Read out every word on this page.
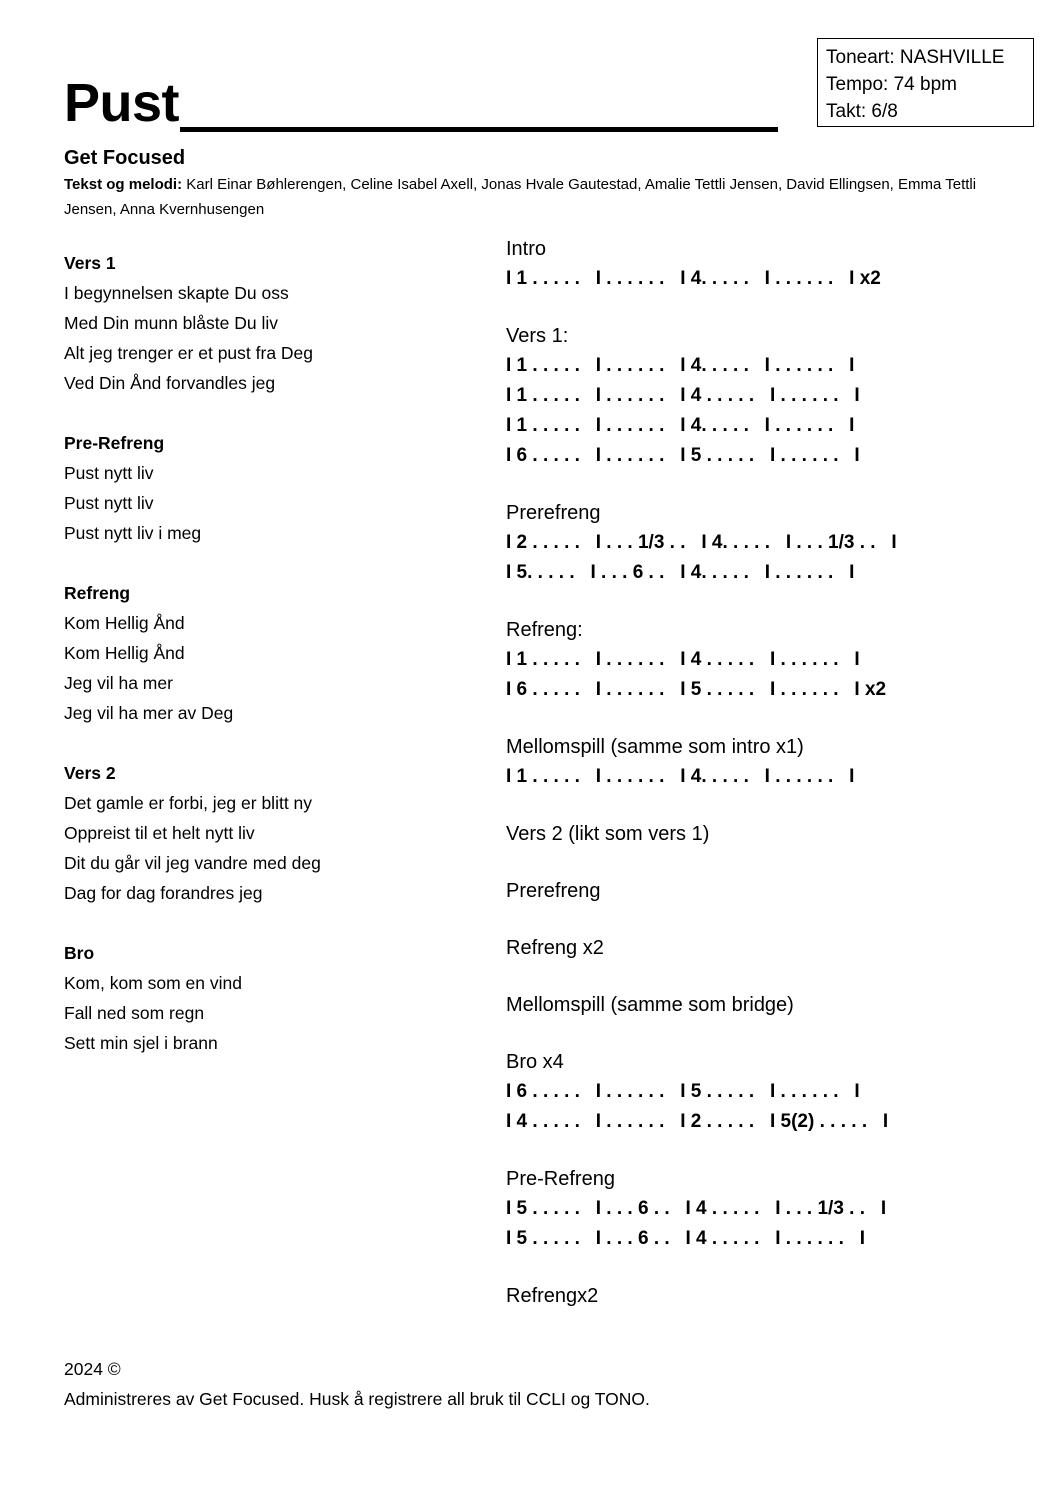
Toneart: NASHVILLE
Tempo: 74 bpm
Takt: 6/8
Pust
Get Focused
Tekst og melodi: Karl Einar Bøhlerengen, Celine Isabel Axell, Jonas Hvale Gautestad, Amalie Tettli Jensen, David Ellingsen, Emma Tettli Jensen, Anna Kvernhusengen
Vers 1
I begynnelsen skapte Du oss
Med Din munn blåste Du liv
Alt jeg trenger er et pust fra Deg
Ved Din Ånd forvandles jeg
Pre-Refreng
Pust nytt liv
Pust nytt liv
Pust nytt liv i meg
Refreng
Kom Hellig Ånd
Kom Hellig Ånd
Jeg vil ha mer
Jeg vil ha mer av Deg
Vers 2
Det gamle er forbi, jeg er blitt ny
Oppreist til et helt nytt liv
Dit du går vil jeg vandre med deg
Dag for dag forandres jeg
Bro
Kom, kom som en vind
Fall ned som regn
Sett min sjel i brann
Intro
I 1 . . . . .   I . . . . . .   I 4. . . . .   I . . . . . .   I x2
Vers 1:
I 1 . . . . .   I . . . . . .   I 4. . . . .   I . . . . . .   I
I 1 . . . . .   I . . . . . .   I 4 . . . . .   I . . . . . .   I
I 1 . . . . .   I . . . . . .   I 4. . . . .   I . . . . . .   I
I 6 . . . . .   I . . . . . .   I 5 . . . . .   I . . . . . .   I
Prerefreng
I 2 . . . . .   I . . . 1/3 . .   I 4. . . . .   I . . . 1/3 . .   I
I 5. . . . .   I . . . 6 . .   I 4. . . . .   I . . . . . .   I
Refreng:
I 1 . . . . .   I . . . . . .   I 4 . . . . .   I . . . . . .   I
I 6 . . . . .   I . . . . . .   I 5 . . . . .   I . . . . . .   I x2
Mellomspill (samme som intro x1)
I 1 . . . . .   I . . . . . .   I 4. . . . .   I . . . . . .   I
Vers 2 (likt som vers 1)
Prerefreng
Refreng x2
Mellomspill (samme som bridge)
Bro x4
I 6 . . . . .   I . . . . . .   I 5 . . . . .   I . . . . . .   I
I 4 . . . . .   I . . . . . .   I 2 . . . . .   I 5(2) . . . . .   I
Pre-Refreng
I 5 . . . . .   I . . . 6 . .   I 4 . . . . .   I . . . 1/3 . .   I
I 5 . . . . .   I . . . 6 . .   I 4 . . . . .   I . . . . . .   I
Refrengx2
2024 ©
Administreres av Get Focused. Husk å registrere all bruk til CCLI og TONO.
